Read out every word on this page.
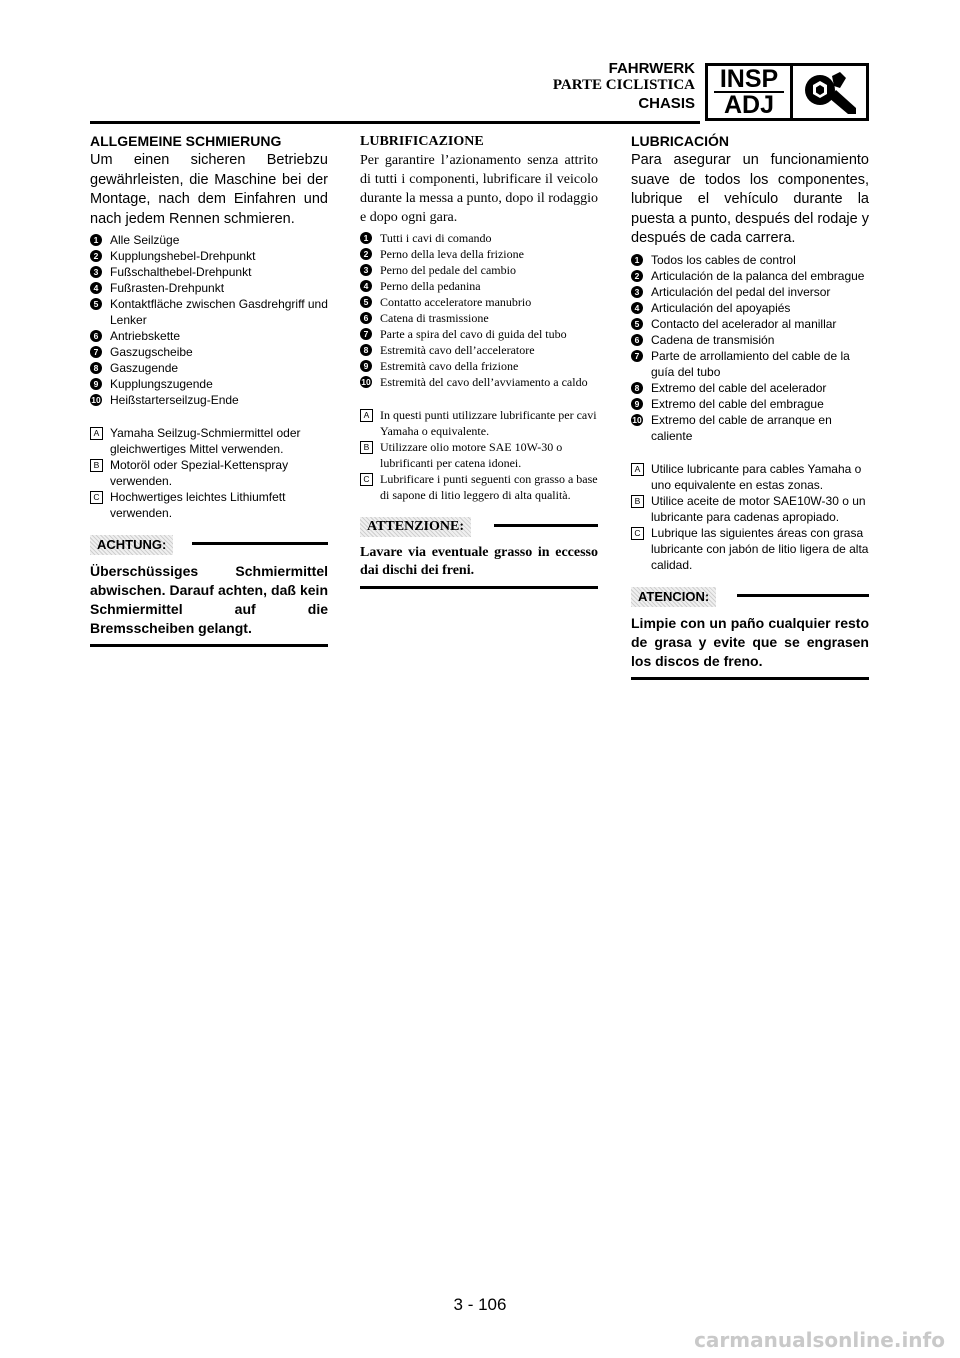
FAHRWERK
PARTE CICLISTICA
CHASIS
INSP
ADJ

ALLGEMEINE SCHMIERUNG

Um einen sicheren Betriebzu gewährleisten, die Maschine bei der Montage, nach dem Einfahren und nach jedem Rennen schmieren.

1 Alle Seilzüge
2 Kupplungshebel-Drehpunkt
3 Fußschalthebel-Drehpunkt
4 Fußrasten-Drehpunkt
5 Kontaktfläche zwischen Gasdrehgriff und Lenker
6 Antriebskette
7 Gaszugscheibe
8 Gaszugende
9 Kupplungszugende
10 Heißstarterseilzug-Ende
A Yamaha Seilzug-Schmiermittel oder gleichwertiges Mittel verwenden.
B Motoröl oder Spezial-Kettenspray verwenden.
C Hochwertiges leichtes Lithiumfett verwenden.
ACHTUNG:

Überschüssiges Schmiermittel abwischen. Darauf achten, daß kein Schmiermittel auf die Bremsscheiben gelangt.

LUBRIFICAZIONE

Per garantire l’azionamento senza attrito di tutti i componenti, lubrificare il veicolo durante la messa a punto, dopo il rodaggio e dopo ogni gara.

1 Tutti i cavi di comando
2 Perno della leva della frizione
3 Perno del pedale del cambio
4 Perno della pedanina
5 Contatto acceleratore manubrio
6 Catena di trasmissione
7 Parte a spira del cavo di guida del tubo
8 Estremità cavo dell’acceleratore
9 Estremità cavo della frizione
10 Estremità del cavo dell’avviamento a caldo
A In questi punti utilizzare lubrificante per cavi Yamaha o equivalente.
B Utilizzare olio motore SAE 10W-30 o lubrificanti per catena idonei.
C Lubrificare i punti seguenti con grasso a base di sapone di litio leggero di alta qualità.
ATTENZIONE:

Lavare via eventuale grasso in eccesso dai dischi dei freni.

LUBRICACIÓN

Para asegurar un funcionamiento suave de todos los componentes, lubrique el vehículo durante la puesta a punto, después del rodaje y después de cada carrera.

1 Todos los cables de control
2 Articulación de la palanca del embrague
3 Articulación del pedal del inversor
4 Articulación del apoyapiés
5 Contacto del acelerador al manillar
6 Cadena de transmisión
7 Parte de arrollamiento del cable de la guía del tubo
8 Extremo del cable del acelerador
9 Extremo del cable del embrague
10 Extremo del cable de arranque en caliente
A Utilice lubricante para cables Yamaha o uno equivalente en estas zonas.
B Utilice aceite de motor SAE10W-30 o un lubricante para cadenas apropiado.
C Lubrique las siguientes áreas con grasa lubricante con jabón de litio ligera de alta calidad.
ATENCION:

Limpie con un paño cualquier resto de grasa y evite que se engrasen los discos de freno.

3 - 106
carmanualsonline.info
